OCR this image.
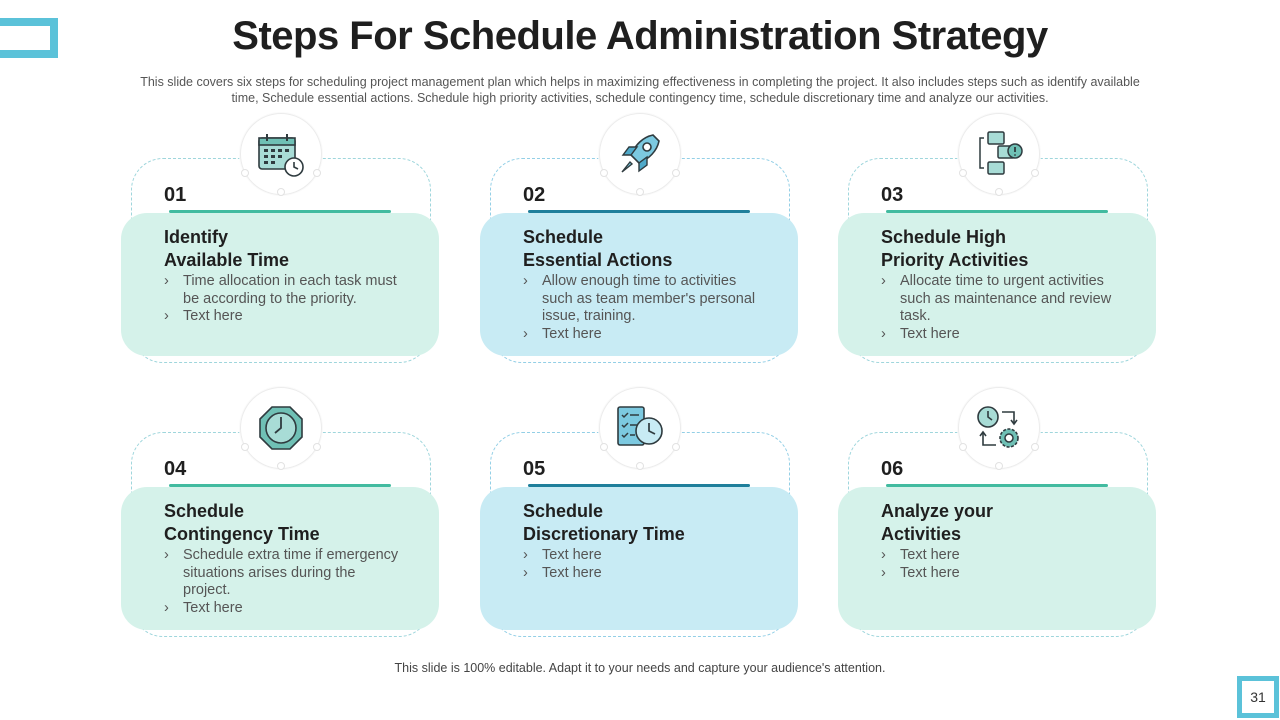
Steps For Schedule Administration Strategy
This slide covers six steps for scheduling project management plan which helps in maximizing effectiveness in completing the project. It also includes steps such as identify available time, Schedule essential actions. Schedule high priority activities, schedule contingency time, schedule discretionary time and analyze our activities.
01
Identify
Available Time
› Time allocation in each task must be according to the priority.
› Text here
02
Schedule
Essential Actions
› Allow enough time to activities such as team member's personal issue, training.
› Text here
03
Schedule High
Priority Activities
› Allocate time to urgent activities such as maintenance and review task.
› Text here
04
Schedule
Contingency Time
› Schedule extra time if emergency situations arises during the project.
› Text here
05
Schedule
Discretionary Time
› Text here
› Text here
06
Analyze your
Activities
› Text here
› Text here
This slide is 100% editable. Adapt it to your needs and capture your audience's attention.
31
